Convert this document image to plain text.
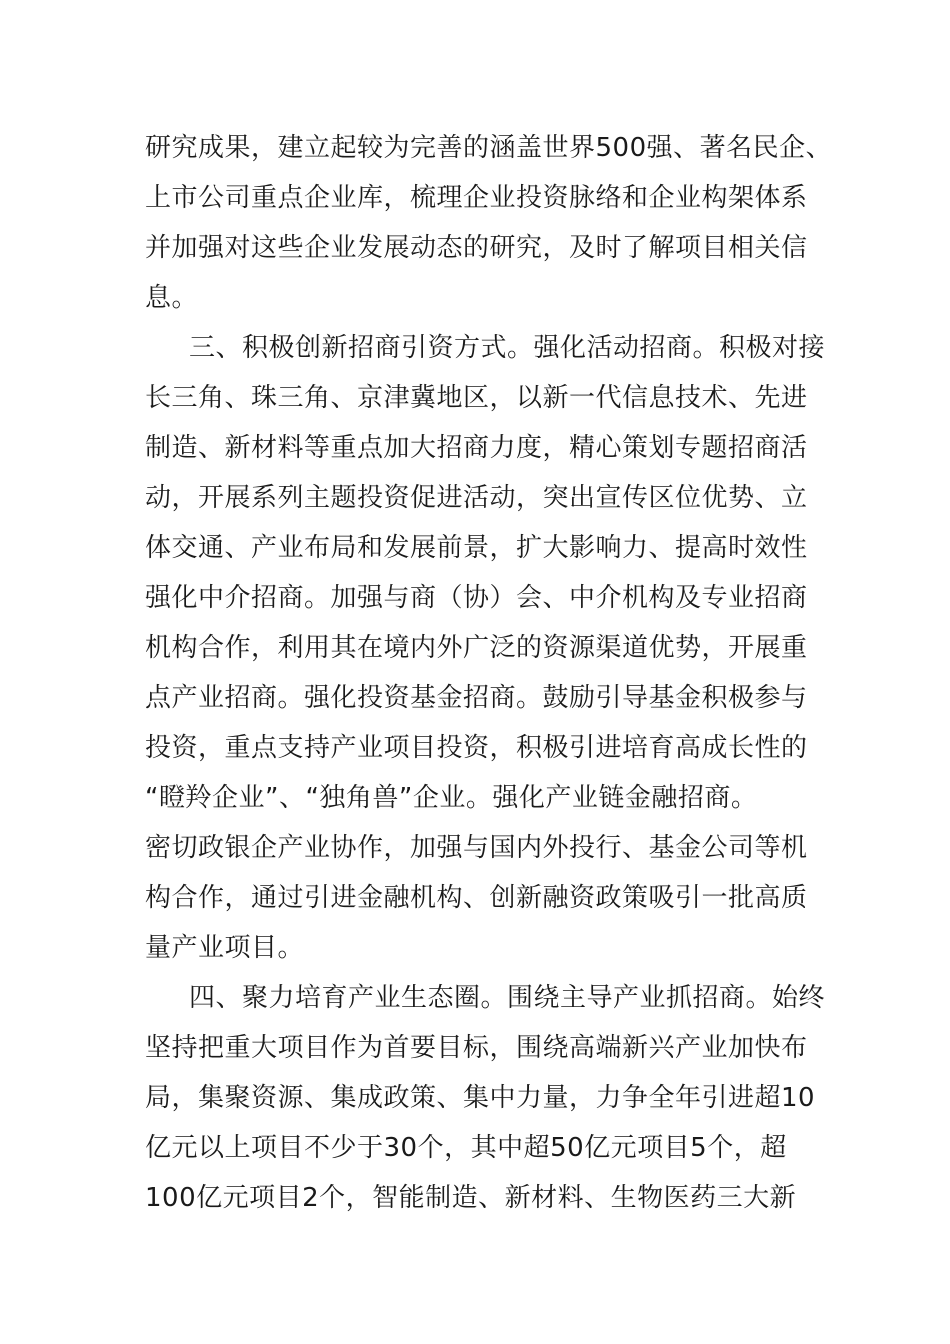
研究成果，建立起较为完善的涵盖世界500强、著名民企、
上市公司重点企业库，梳理企业投资脉络和企业构架体系
并加强对这些企业发展动态的研究，及时了解项目相关信
息。
三、积极创新招商引资方式。强化活动招商。积极对接
长三角、珠三角、京津冀地区，以新一代信息技术、先进
制造、新材料等重点加大招商力度，精心策划专题招商活
动，开展系列主题投资促进活动，突出宣传区位优势、立
体交通、产业布局和发展前景，扩大影响力、提高时效性
强化中介招商。加强与商（协）会、中介机构及专业招商
机构合作，利用其在境内外广泛的资源渠道优势，开展重
点产业招商。强化投资基金招商。鼓励引导基金积极参与
投资，重点支持产业项目投资，积极引进培育高成长性的
“瞪羚企业”、“独角兽”企业。强化产业链金融招商。
密切政银企产业协作，加强与国内外投行、基金公司等机
构合作，通过引进金融机构、创新融资政策吸引一批高质
量产业项目。
四、聚力培育产业生态圈。围绕主导产业抓招商。始终
坚持把重大项目作为首要目标，围绕高端新兴产业加快布
局，集聚资源、集成政策、集中力量，力争全年引进超10
亿元以上项目不少于30个，其中超50亿元项目5个，超
100亿元项目2个，智能制造、新材料、生物医药三大新
